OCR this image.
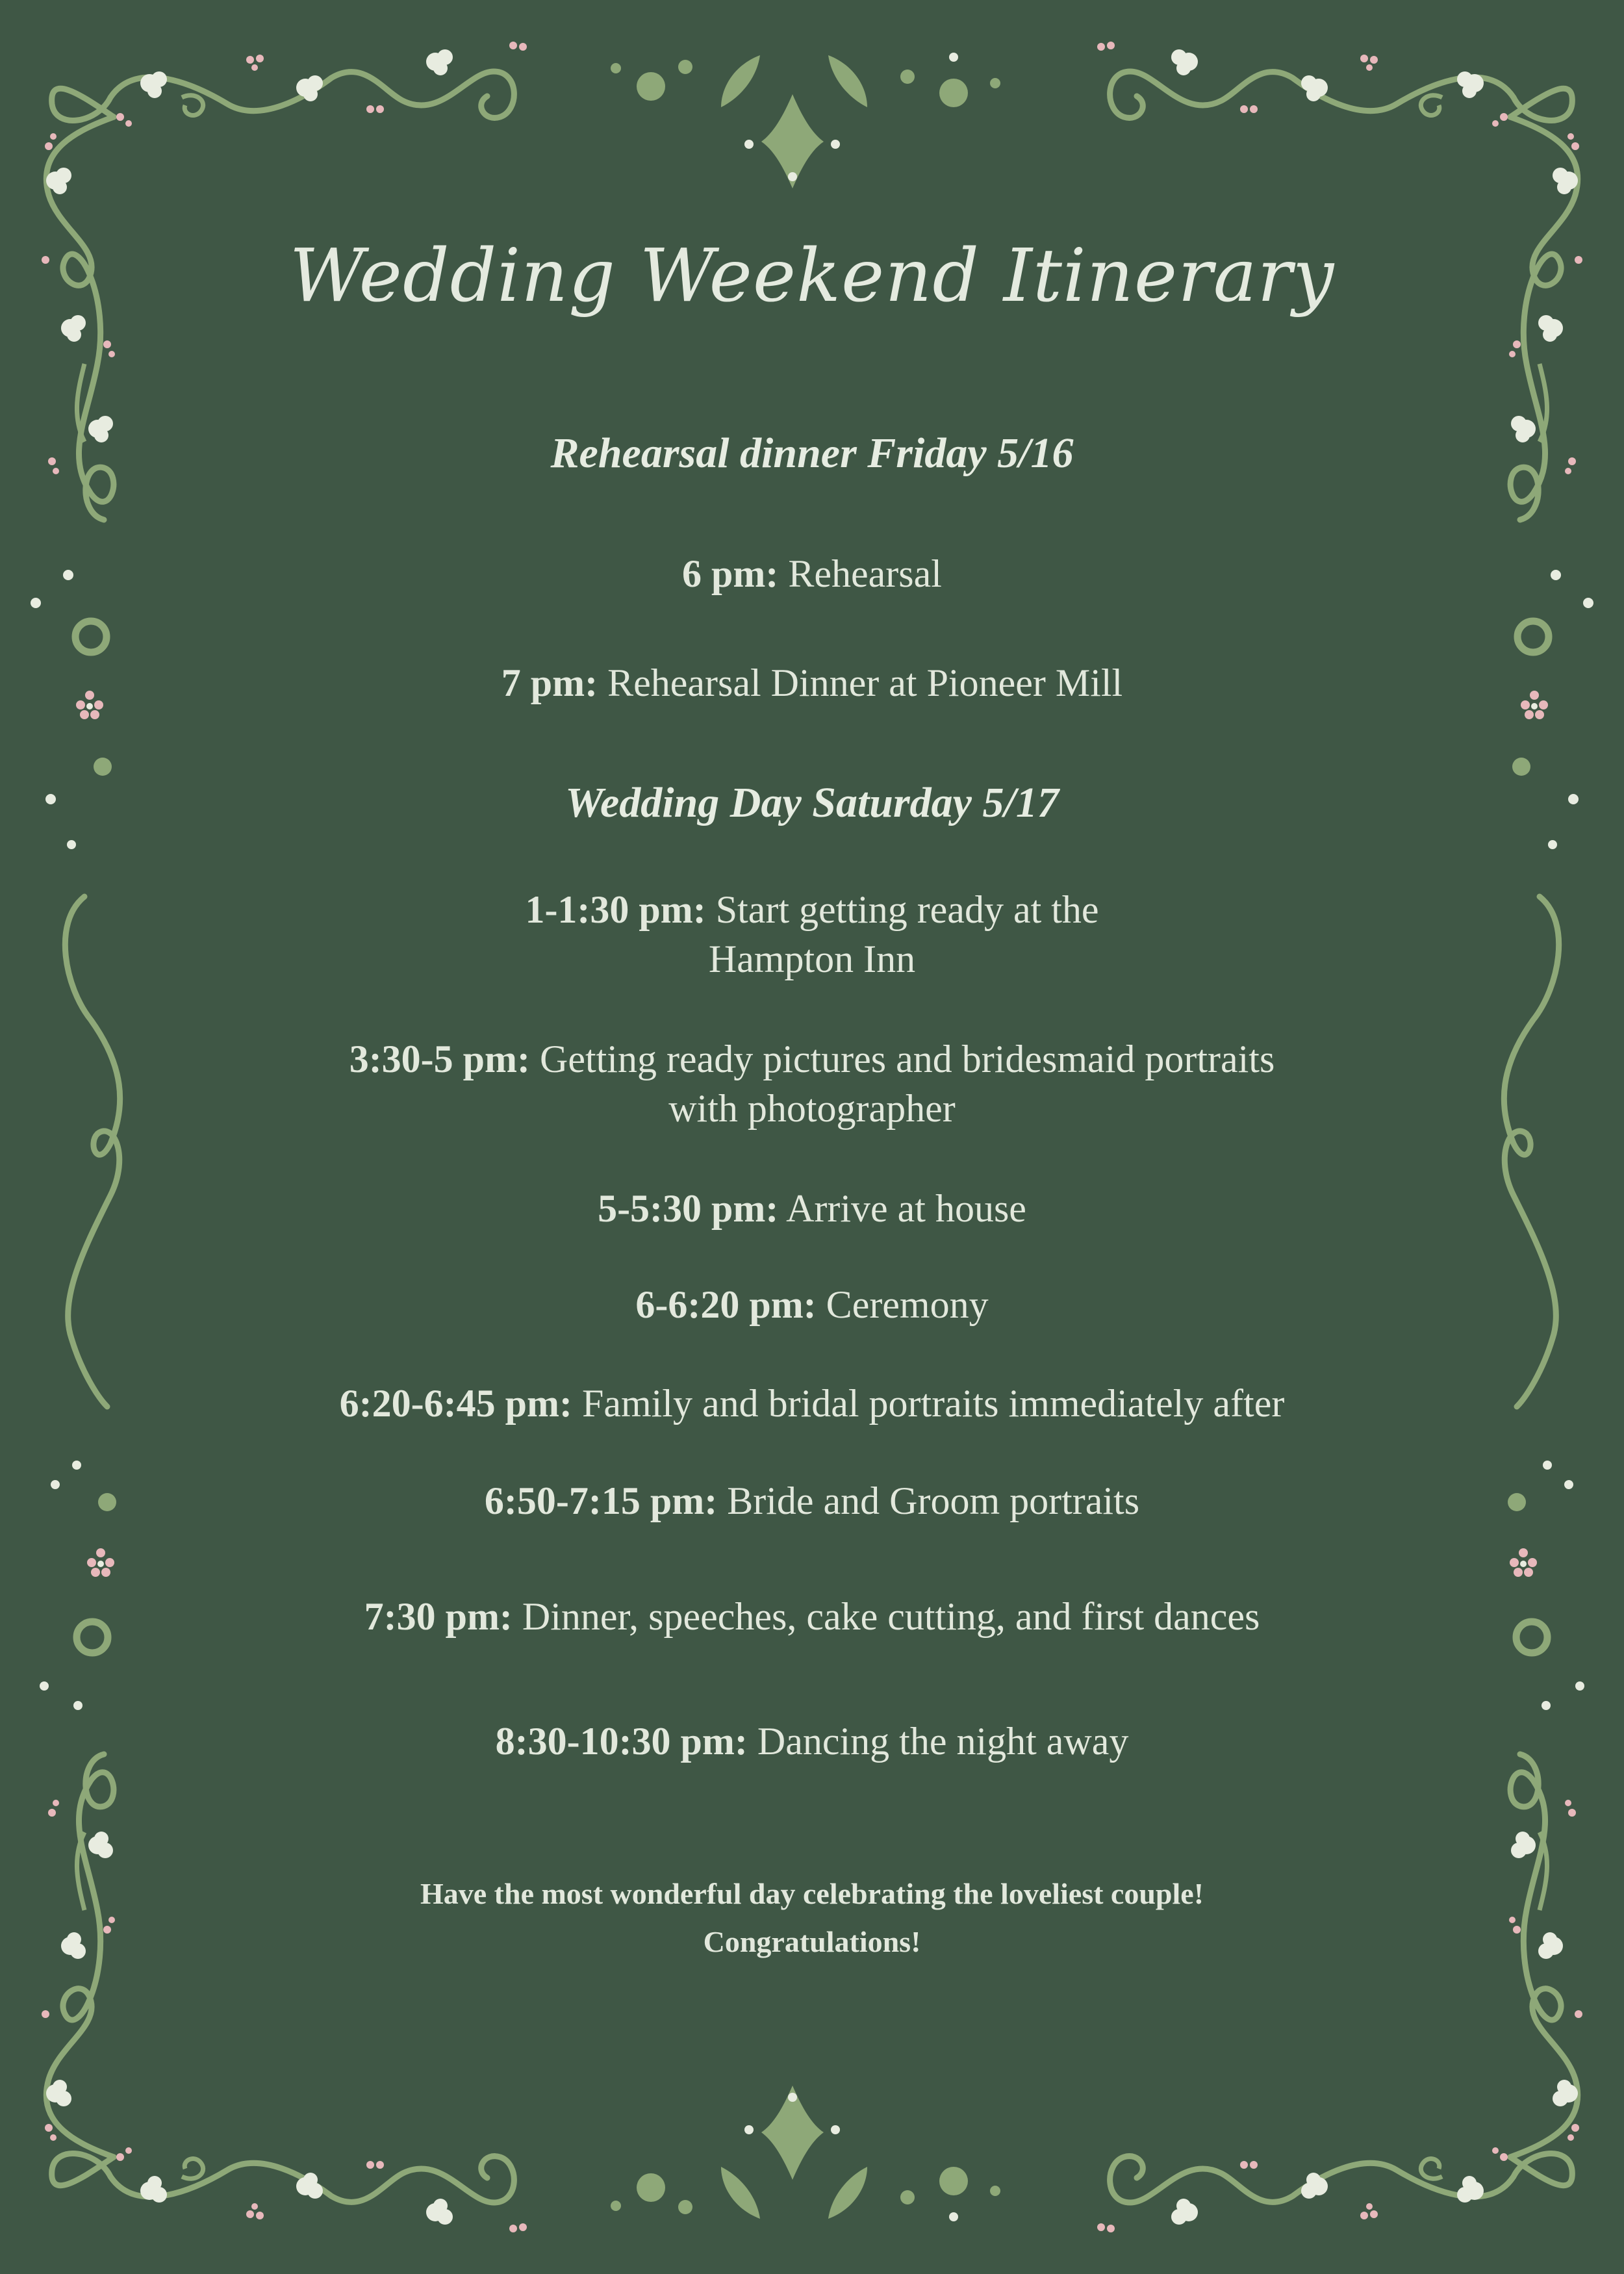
Wedding Weekend Itinerary
Rehearsal dinner Friday 5/16
6 pm: Rehearsal
7 pm: Rehearsal Dinner at Pioneer Mill
Wedding Day Saturday 5/17
1-1:30 pm: Start getting ready at the
Hampton Inn
3:30-5 pm: Getting ready pictures and bridesmaid portraits
with photographer
5-5:30 pm: Arrive at house
6-6:20 pm: Ceremony
6:20-6:45 pm: Family and bridal portraits immediately after
6:50-7:15 pm: Bride and Groom portraits
7:30 pm: Dinner, speeches, cake cutting, and first dances
8:30-10:30 pm: Dancing the night away
Have the most wonderful day celebrating the loveliest couple!
Congratulations!
